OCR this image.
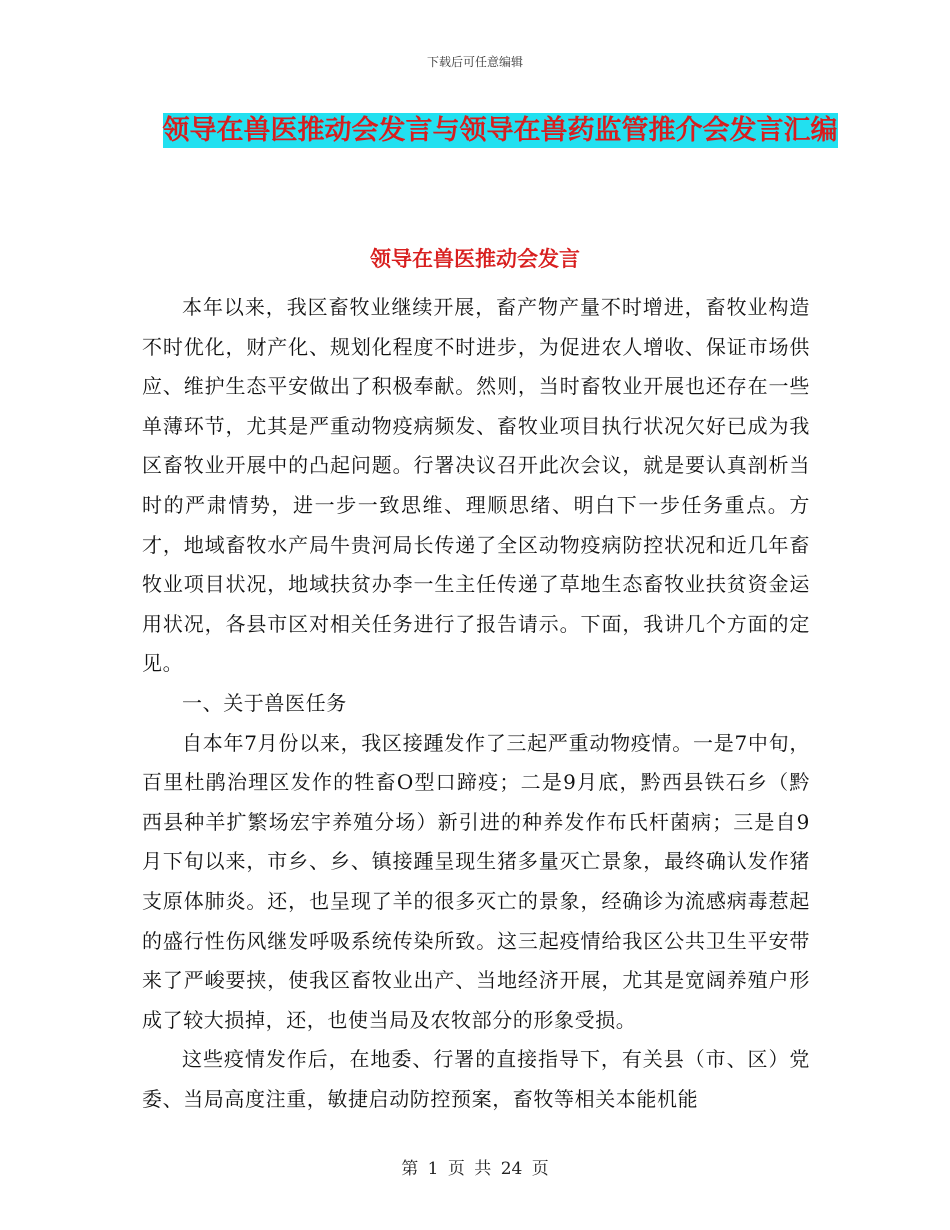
下载后可任意编辑
领导在兽医推动会发言与领导在兽药监管推介会发言汇编
领导在兽医推动会发言

本年以来，我区畜牧业继续开展，畜产物产量不时增进，畜牧业构造不时优化，财产化、规划化程度不时进步，为促进农人增收、保证市场供应、维护生态平安做出了积极奉献。然则，当时畜牧业开展也还存在一些单薄环节，尤其是严重动物疫病频发、畜牧业项目执行状况欠好已成为我区畜牧业开展中的凸起问题。行署决议召开此次会议，就是要认真剖析当时的严肃情势，进一步一致思维、理顺思绪、明白下一步任务重点。方才，地域畜牧水产局牛贵河局长传递了全区动物疫病防控状况和近几年畜牧业项目状况，地域扶贫办李一生主任传递了草地生态畜牧业扶贫资金运用状况，各县市区对相关任务进行了报告请示。下面，我讲几个方面的定见。

一、关于兽医任务

自本年7月份以来，我区接踵发作了三起严重动物疫情。一是7中旬，百里杜鹃治理区发作的牲畜O型口蹄疫；二是9月底，黔西县铁石乡（黔西县种羊扩繁场宏宇养殖分场）新引进的种养发作布氏杆菌病；三是自9月下旬以来，市乡、乡、镇接踵呈现生猪多量灭亡景象，最终确认发作猪支原体肺炎。还，也呈现了羊的很多灭亡的景象，经确诊为流感病毒惹起的盛行性伤风继发呼吸系统传染所致。这三起疫情给我区公共卫生平安带来了严峻要挟，使我区畜牧业出产、当地经济开展，尤其是宽阔养殖户形成了较大损掉，还，也使当局及农牧部分的形象受损。

这些疫情发作后，在地委、行署的直接指导下，有关县（市、区）党委、当局高度注重，敏捷启动防控预案，畜牧等相关本能机能

第 1 页 共 24 页
